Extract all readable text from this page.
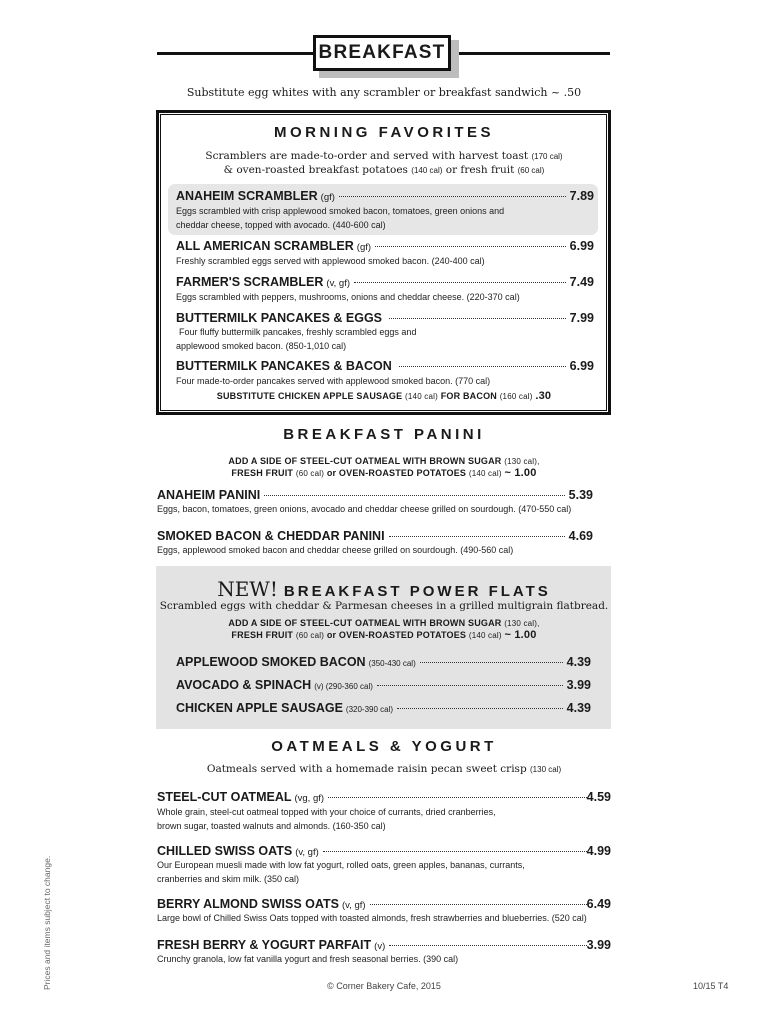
BREAKFAST
Substitute egg whites with any scrambler or breakfast sandwich ~ .50
MORNING FAVORITES
Scramblers are made-to-order and served with harvest toast (170 cal)
& oven-roasted breakfast potatoes (140 cal) or fresh fruit (60 cal)
ANAHEIM SCRAMBLER (gf)	7.89
Eggs scrambled with crisp applewood smoked bacon, tomatoes, green onions and
cheddar cheese, topped with avocado. (440-600 cal)
ALL AMERICAN SCRAMBLER (gf)	6.99
Freshly scrambled eggs served with applewood smoked bacon. (240-400 cal)
FARMER'S SCRAMBLER (v, gf)	7.49
Eggs scrambled with peppers, mushrooms, onions and cheddar cheese. (220-370 cal)
BUTTERMILK PANCAKES & EGGS	7.99
Four fluffy buttermilk pancakes, freshly scrambled eggs and
applewood smoked bacon. (850-1,010 cal)
BUTTERMILK PANCAKES & BACON	6.99
Four made-to-order pancakes served with applewood smoked bacon. (770 cal)
SUBSTITUTE CHICKEN APPLE SAUSAGE (140 cal) FOR BACON (160 cal) .30
BREAKFAST PANINI
ADD A SIDE OF STEEL-CUT OATMEAL WITH BROWN SUGAR (130 cal),
FRESH FRUIT (60 cal) or OVEN-ROASTED POTATOES (140 cal) ~ 1.00
ANAHEIM PANINI	5.39
Eggs, bacon, tomatoes, green onions, avocado and cheddar cheese grilled on sourdough. (470-550 cal)
SMOKED BACON & CHEDDAR PANINI	4.69
Eggs, applewood smoked bacon and cheddar cheese grilled on sourdough. (490-560 cal)
NEW! BREAKFAST POWER FLATS
Scrambled eggs with cheddar & Parmesan cheeses in a grilled multigrain flatbread.
ADD A SIDE OF STEEL-CUT OATMEAL WITH BROWN SUGAR (130 cal),
FRESH FRUIT (60 cal) or OVEN-ROASTED POTATOES (140 cal) ~ 1.00
APPLEWOOD SMOKED BACON (350-430 cal)	4.39
AVOCADO & SPINACH (v) (290-360 cal)	3.99
CHICKEN APPLE SAUSAGE (320-390 cal)	4.39
OATMEALS & YOGURT
Oatmeals served with a homemade raisin pecan sweet crisp (130 cal)
STEEL-CUT OATMEAL (vg, gf)	4.59
Whole grain, steel-cut oatmeal topped with your choice of currants, dried cranberries,
brown sugar, toasted walnuts and almonds. (160-350 cal)
CHILLED SWISS OATS (v, gf)	4.99
Our European muesli made with low fat yogurt, rolled oats, green apples, bananas, currants,
cranberries and skim milk. (350 cal)
BERRY ALMOND SWISS OATS (v, gf)	6.49
Large bowl of Chilled Swiss Oats topped with toasted almonds, fresh strawberries and blueberries. (520 cal)
FRESH BERRY & YOGURT PARFAIT (v)	3.99
Crunchy granola, low fat vanilla yogurt and fresh seasonal berries. (390 cal)
Prices and items subject to change.	© Corner Bakery Cafe, 2015	10/15 T4
